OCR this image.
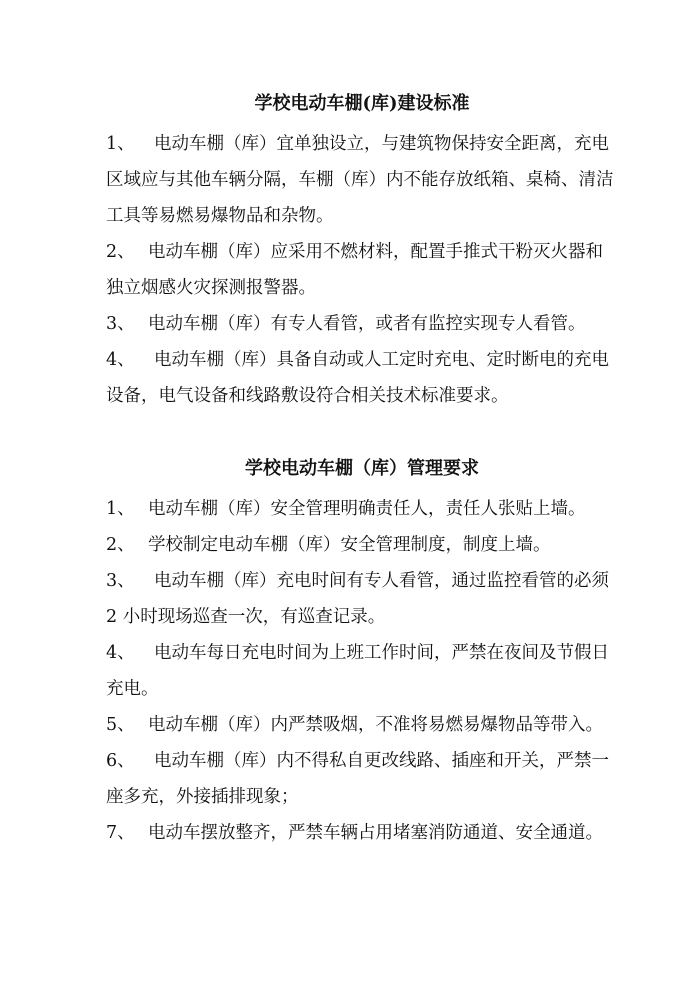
学校电动车棚(库)建设标准
1、 电动车棚（库）宜单独设立，与建筑物保持安全距离，充电区域应与其他车辆分隔，车棚（库）内不能存放纸箱、桌椅、清洁工具等易燃易爆物品和杂物。
2、 电动车棚（库）应采用不燃材料，配置手推式干粉灭火器和独立烟感火灾探测报警器。
3、 电动车棚（库）有专人看管，或者有监控实现专人看管。
4、 电动车棚（库）具备自动或人工定时充电、定时断电的充电设备，电气设备和线路敷设符合相关技术标准要求。
学校电动车棚（库）管理要求
1、 电动车棚（库）安全管理明确责任人，责任人张贴上墙。
2、 学校制定电动车棚（库）安全管理制度，制度上墙。
3、 电动车棚（库）充电时间有专人看管，通过监控看管的必须 2 小时现场巡查一次，有巡查记录。
4、 电动车每日充电时间为上班工作时间，严禁在夜间及节假日充电。
5、 电动车棚（库）内严禁吸烟，不准将易燃易爆物品等带入。
6、 电动车棚（库）内不得私自更改线路、插座和开关，严禁一座多充，外接插排现象；
7、 电动车摆放整齐，严禁车辆占用堵塞消防通道、安全通道。
